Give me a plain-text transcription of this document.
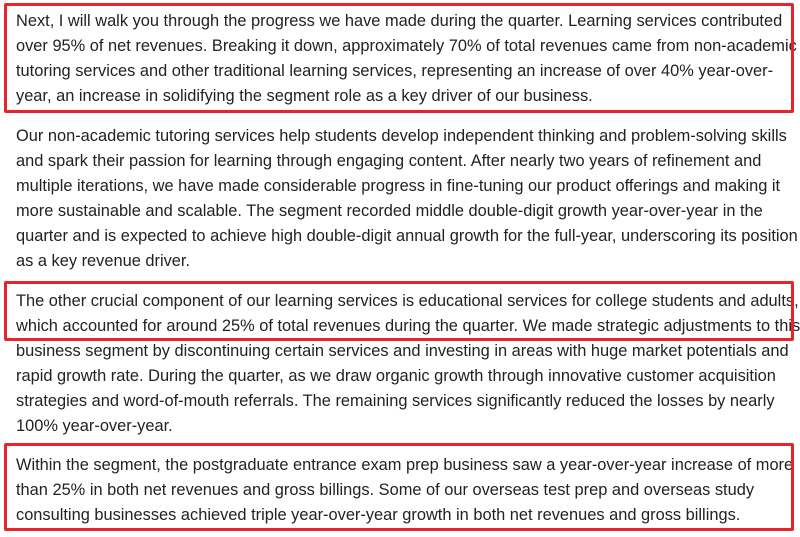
Next, I will walk you through the progress we have made during the quarter. Learning services contributed
over 95% of net revenues. Breaking it down, approximately 70% of total revenues came from non-academic
tutoring services and other traditional learning services, representing an increase of over 40% year-over-
year, an increase in solidifying the segment role as a key driver of our business.
Our non-academic tutoring services help students develop independent thinking and problem-solving skills
and spark their passion for learning through engaging content. After nearly two years of refinement and
multiple iterations, we have made considerable progress in fine-tuning our product offerings and making it
more sustainable and scalable. The segment recorded middle double-digit growth year-over-year in the
quarter and is expected to achieve high double-digit annual growth for the full-year, underscoring its position
as a key revenue driver.
The other crucial component of our learning services is educational services for college students and adults,
which accounted for around 25% of total revenues during the quarter. We made strategic adjustments to this
business segment by discontinuing certain services and investing in areas with huge market potentials and
rapid growth rate. During the quarter, as we draw organic growth through innovative customer acquisition
strategies and word-of-mouth referrals. The remaining services significantly reduced the losses by nearly
100% year-over-year.
Within the segment, the postgraduate entrance exam prep business saw a year-over-year increase of more
than 25% in both net revenues and gross billings. Some of our overseas test prep and overseas study
consulting businesses achieved triple year-over-year growth in both net revenues and gross billings.
